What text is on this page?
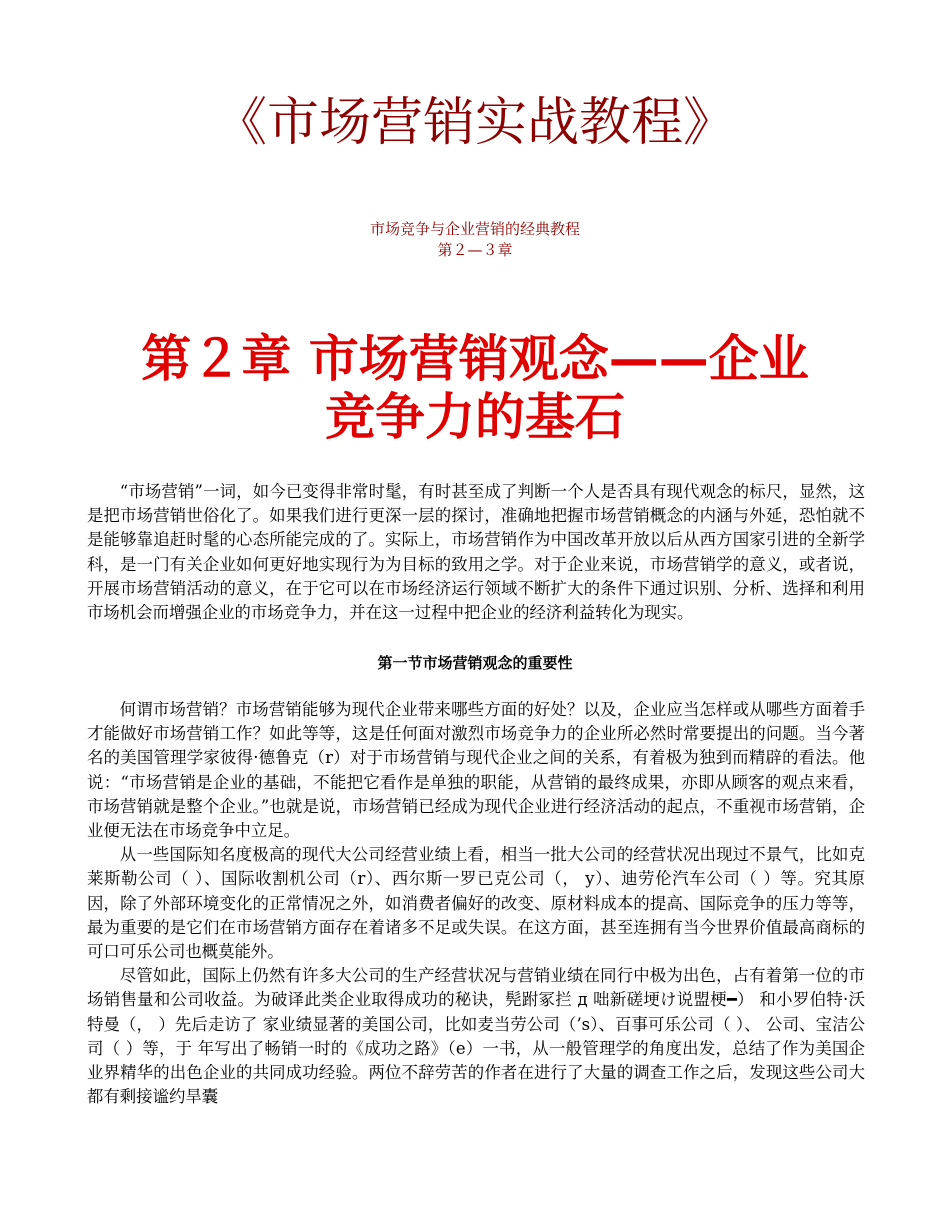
《市场营销实战教程》
市场竞争与企业营销的经典教程
第２—３章
第２章 市场营销观念——企业
竞争力的基石

“市场营销”一词，如今已变得非常时髦，有时甚至成了判断一个人是否具有现代观念的标尺，显然，这是把市场营销世俗化了。如果我们进行更深一层的探讨，准确地把握市场营销概念的内涵与外延，恐怕就不是能够靠追赶时髦的心态所能完成的了。实际上，市场营销作为中国改革开放以后从西方国家引进的全新学科，是一门有关企业如何更好地实现行为为目标的致用之学。对于企业来说，市场营销学的意义，或者说，开展市场营销活动的意义，在于它可以在市场经济运行领域不断扩大的条件下通过识别、分析、选择和利用市场机会而增强企业的市场竞争力，并在这一过程中把企业的经济利益转化为现实。

第一节市场营销观念的重要性

何谓市场营销？市场营销能够为现代企业带来哪些方面的好处？以及，企业应当怎样或从哪些方面着手才能做好市场营销工作？如此等等，这是任何面对激烈市场竞争力的企业所必然时常要提出的问题。当今著名的美国管理学家彼得·德鲁克（r）对于市场营销与现代企业之间的关系，有着极为独到而精辟的看法。他说：“市场营销是企业的基础，不能把它看作是单独的职能，从营销的最终成果，亦即从顾客的观点来看，市场营销就是整个企业。”也就是说，市场营销已经成为现代企业进行经济活动的起点，不重视市场营销，企业便无法在市场竞争中立足。

从一些国际知名度极高的现代大公司经营业绩上看，相当一批大公司的经营状况出现过不景气，比如克莱斯勒公司（ ）、国际收割机公司（r）、西尔斯一罗已克公司（， y）、迪劳伦汽车公司（ ）等。究其原因，除了外部环境变化的正常情况之外，如消费者偏好的改变、原材料成本的提高、国际竞争的压力等等，最为重要的是它们在市场营销方面存在着诸多不足或失误。在这方面，甚至连拥有当今世界价值最高商标的可口可乐公司也概莫能外。

尽管如此，国际上仍然有许多大公司的生产经营状况与营销业绩在同行中极为出色，占有着第一位的市场销售量和公司收益。为破译此类企业取得成功的秘诀，髡跗冢拦 д 咄新磋埂け说盟梗━） 和小罗伯特·沃特曼（， ）先后走访了 家业绩显著的美国公司，比如麦当劳公司（’s）、百事可乐公司（ ）、 公司、宝洁公司（ ）等，于 年写出了畅销一时的《成功之路》（e）一书，从一般管理学的角度出发，总结了作为美国企业界精华的出色企业的共同成功经验。两位不辞劳苦的作者在进行了大量的调查工作之后，发现这些公司大都有剩接谧约旱囊
